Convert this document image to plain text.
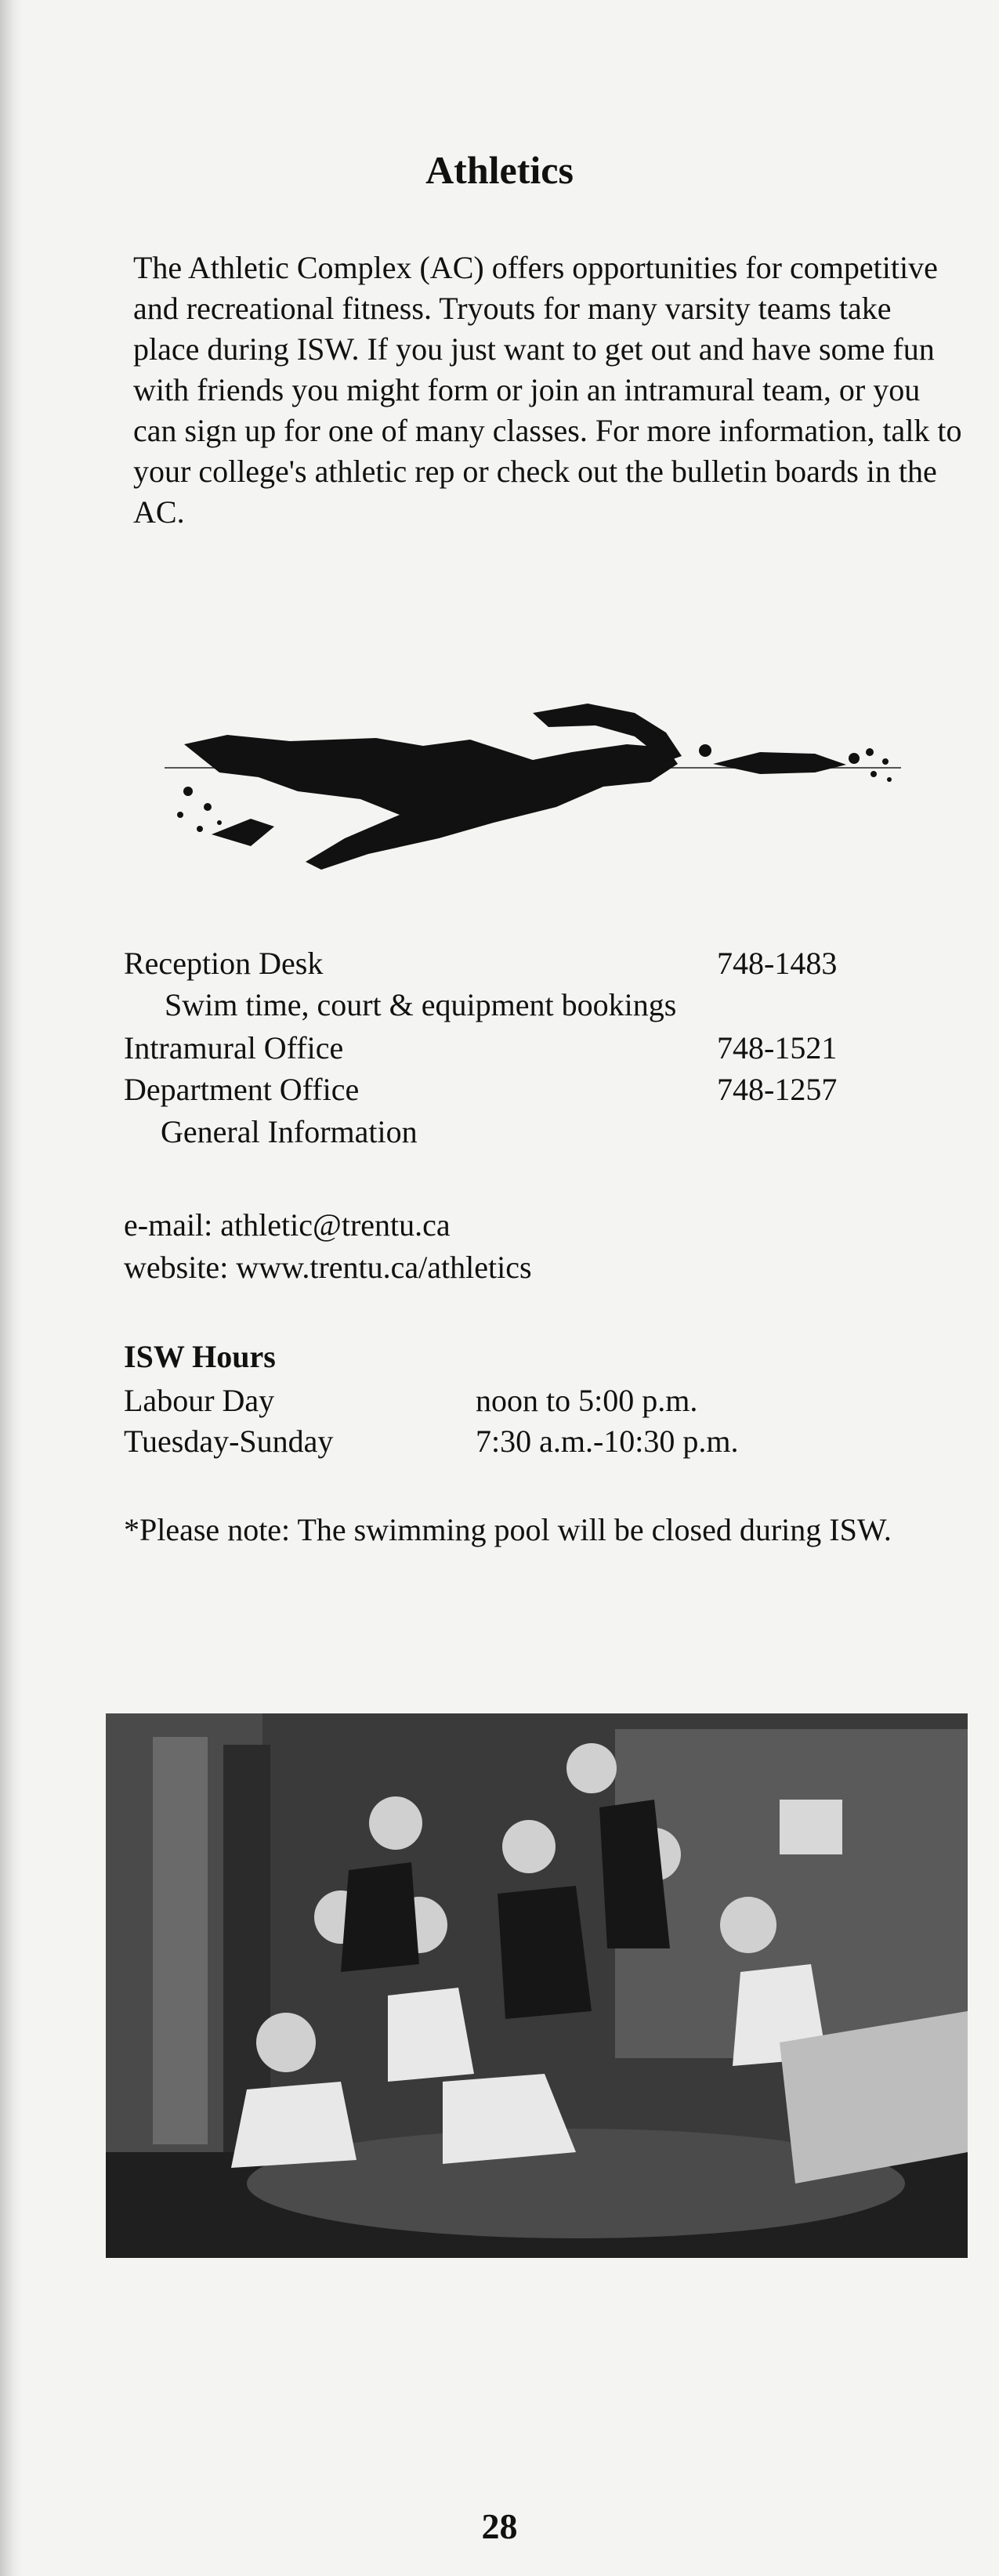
Athletics

The Athletic Complex (AC) offers opportunities for competitive and recreational fitness. Tryouts for many varsity teams take place during ISW. If you just want to get out and have some fun with friends you might form or join an intramural team, or you can sign up for one of many classes. For more information, talk to your college's athletic rep or check out the bulletin boards in the AC.

Reception Desk	748-1483
Swim time, court & equipment bookings
Intramural Office	748-1521
Department Office	748-1257
General Information
e-mail: athletic@trentu.ca
website: www.trentu.ca/athletics
ISW Hours
Labour Day	noon to 5:00 p.m.
Tuesday-Sunday	7:30 a.m.-10:30 p.m.
*Please note: The swimming pool will be closed during ISW.
28
